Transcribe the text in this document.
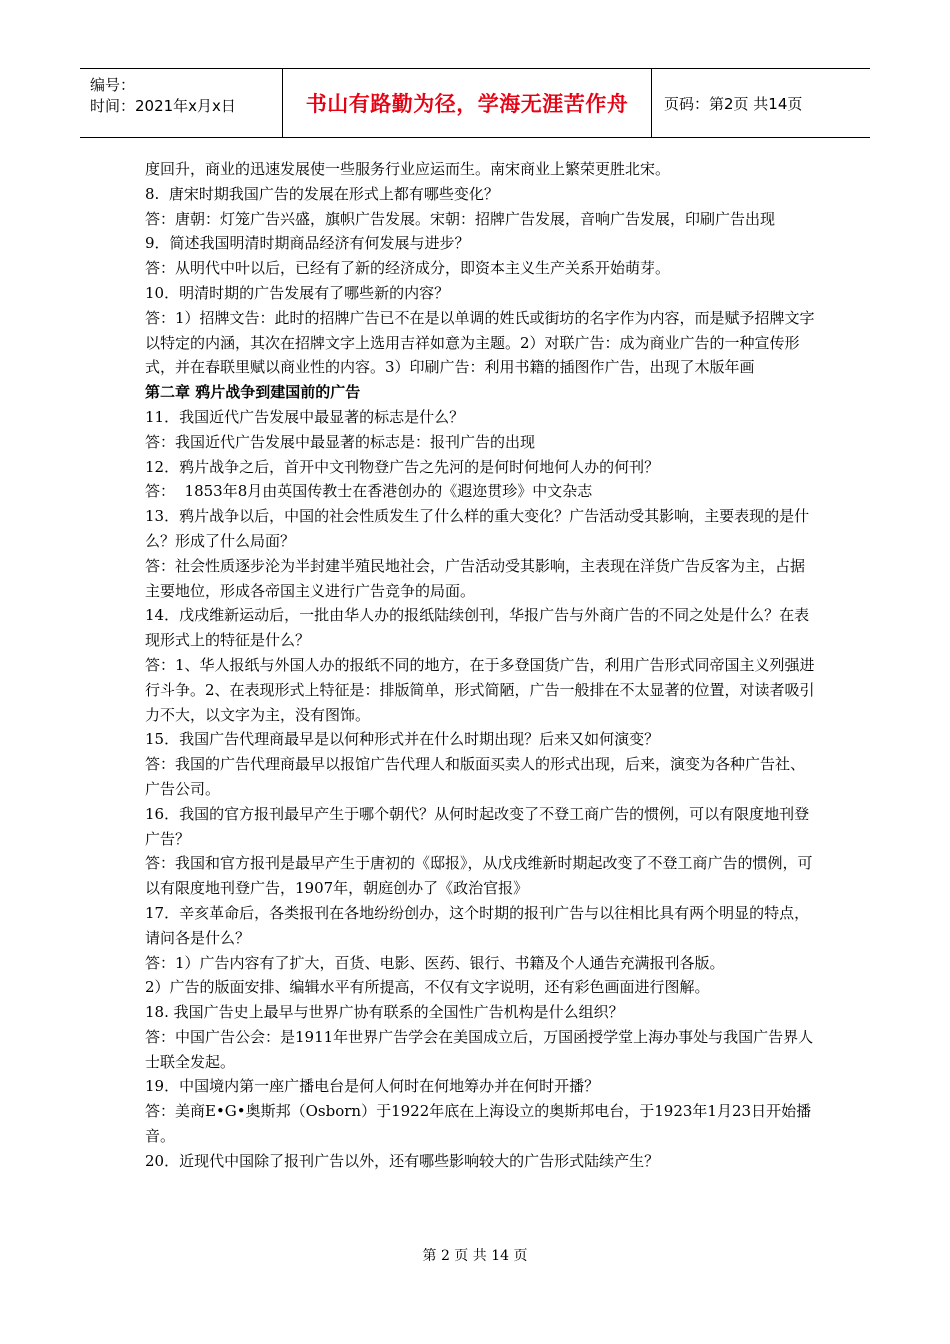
编号：
时间：2021年x月x日	书山有路勤为径，学海无涯苦作舟	页码：第2页 共14页

度回升，商业的迅速发展使一些服务行业应运而生。南宋商业上繁荣更胜北宋。

8.  唐宋时期我国广告的发展在形式上都有哪些变化？

答：唐朝：灯笼广告兴盛，旗帜广告发展。宋朝：招牌广告发展，音响广告发展，印刷广告出现

9．简述我国明清时期商品经济有何发展与进步？

答：从明代中叶以后，已经有了新的经济成分，即资本主义生产关系开始萌芽。

10．明清时期的广告发展有了哪些新的内容？

答：1）招牌文告：此时的招牌广告已不在是以单调的姓氏或街坊的名字作为内容，而是赋予招牌文字以特定的内涵，其次在招牌文字上选用吉祥如意为主题。2）对联广告：成为商业广告的一种宣传形式，并在春联里赋以商业性的内容。3）印刷广告：利用书籍的插图作广告，出现了木版年画

第二章 鸦片战争到建国前的广告

11．我国近代广告发展中最显著的标志是什么？

答：我国近代广告发展中最显著的标志是：报刊广告的出现

12．鸦片战争之后，首开中文刊物登广告之先河的是何时何地何人办的何刊？

答：  1853年8月由英国传教士在香港创办的《遐迩贯珍》中文杂志

13．鸦片战争以后，中国的社会性质发生了什么样的重大变化？广告活动受其影响，主要表现的是什么？形成了什么局面？

答：社会性质逐步沦为半封建半殖民地社会，广告活动受其影响，主表现在洋货广告反客为主，占据主要地位，形成各帝国主义进行广告竞争的局面。

14．戊戌维新运动后，一批由华人办的报纸陆续创刊，华报广告与外商广告的不同之处是什么？在表现形式上的特征是什么？

答：1、华人报纸与外国人办的报纸不同的地方，在于多登国货广告，利用广告形式同帝国主义列强进行斗争。2、在表现形式上特征是：排版简单，形式简陋，广告一般排在不太显著的位置，对读者吸引力不大，以文字为主，没有图饰。

15．我国广告代理商最早是以何种形式并在什么时期出现？后来又如何演变？

答：我国的广告代理商最早以报馆广告代理人和版面买卖人的形式出现，后来，演变为各种广告社、广告公司。

16．我国的官方报刊最早产生于哪个朝代？从何时起改变了不登工商广告的惯例，可以有限度地刊登广告？

答：我国和官方报刊是最早产生于唐初的《邸报》，从戊戌维新时期起改变了不登工商广告的惯例，可以有限度地刊登广告，1907年，朝庭创办了《政治官报》

17．辛亥革命后，各类报刊在各地纷纷创办，这个时期的报刊广告与以往相比具有两个明显的特点，请问各是什么？

答：1）广告内容有了扩大，百货、电影、医药、银行、书籍及个人通告充满报刊各版。

2）广告的版面安排、编辑水平有所提高，不仅有文字说明，还有彩色画面进行图解。

18. 我国广告史上最早与世界广协有联系的全国性广告机构是什么组织？

答：中国广告公会：是1911年世界广告学会在美国成立后，万国函授学堂上海办事处与我国广告界人士联全发起。

19．中国境内第一座广播电台是何人何时在何地筹办并在何时开播？

答：美商E•G•奥斯邦（Osborn）于1922年底在上海设立的奥斯邦电台，于1923年1月23日开始播音。

20．近现代中国除了报刊广告以外，还有哪些影响较大的广告形式陆续产生？

第 2 页 共 14 页
